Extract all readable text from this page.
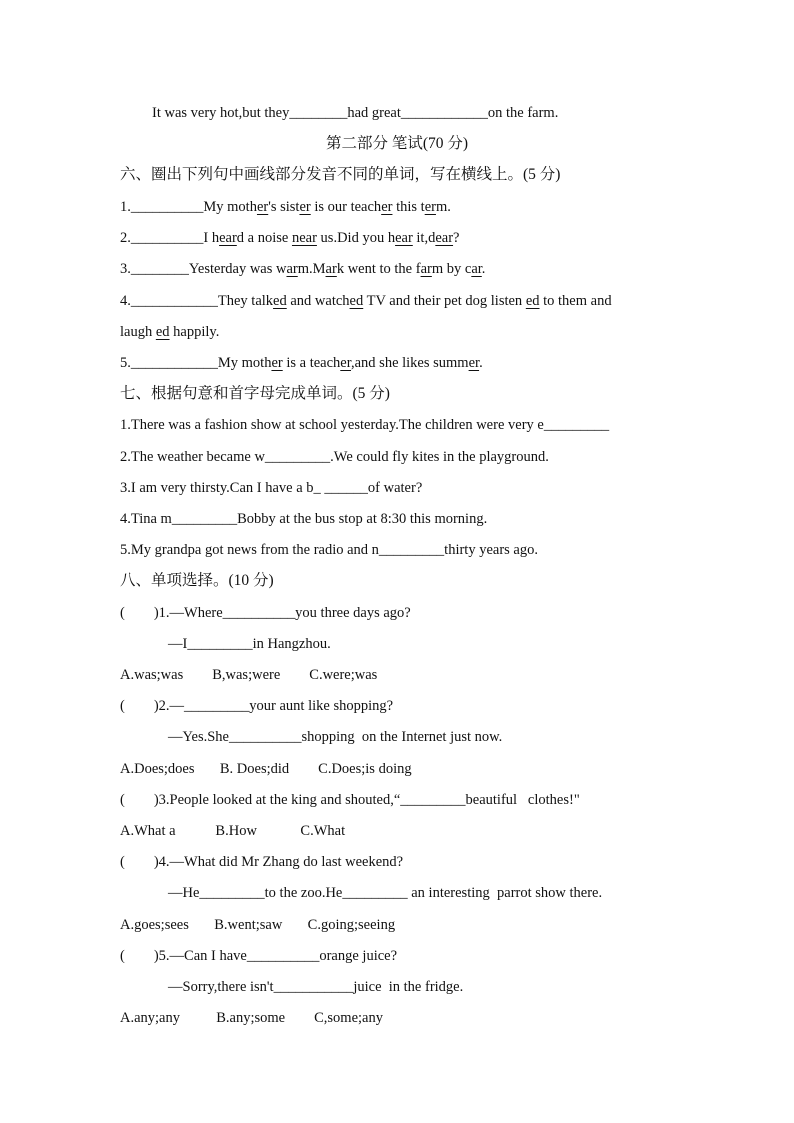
It was very hot,but they________had great____________on the farm.
第二部分 笔试(70 分)
六、圈出下列句中画线部分发音不同的单词，写在横线上。(5 分)
1.__________My mother's sister is our teacher this term.
2.__________I heard a noise near us.Did you hear it,dear?
3.________Yesterday was warm.Mark went to the farm by car.
4.____________They talked and watched TV and their pet dog listen ed to them and
laugh ed happily.
5.____________My mother is a teacher,and she likes summer.
七、根据句意和首字母完成单词。(5 分)
1.There was a fashion show at school yesterday.The children were very e_________
2.The weather became w_________.We could fly kites in the playground.
3.I am very thirsty.Can I have a b_ ______of water?
4.Tina m_________Bobby at the bus stop at 8:30 this morning.
5.My grandpa got news from the radio and n_________thirty years ago.
八、单项选择。(10 分)
(        )1.—Where__________you three days ago?
—I_________in Hangzhou.
A.was;was        B,was;were        C.were;was
(        )2.—_________your aunt like shopping?
—Yes.She__________shopping  on the Internet just now.
A.Does;does       B. Does;did        C.Does;is doing
(        )3.People looked at the king and shouted,“_________beautiful   clothes!"
A.What a           B.How            C.What
(        )4.—What did Mr Zhang do last weekend?
—He_________to the zoo.He_________ an interesting  parrot show there.
A.goes;sees       B.went;saw       C.going;seeing
(        )5.—Can I have__________orange juice?
—Sorry,there isn't___________juice  in the fridge.
A.any;any          B.any;some        C,some;any
